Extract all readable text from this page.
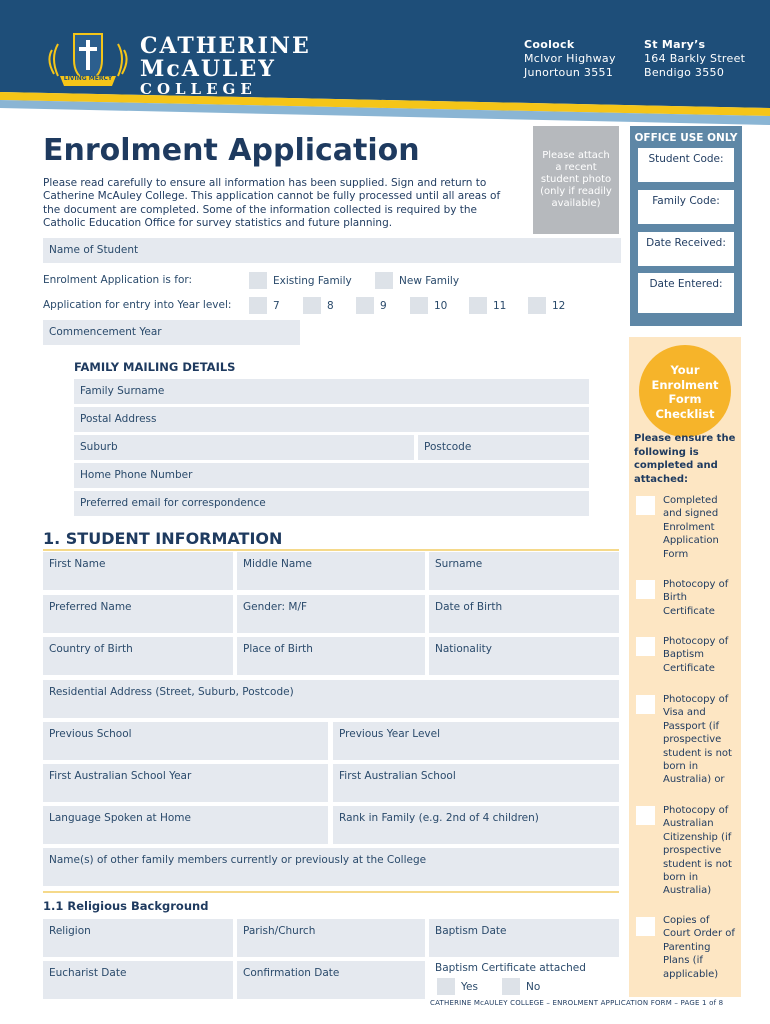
CATHERINE
McAULEY
COLLEGE
Coolock
McIvor Highway
Junortoun 3551
St Mary’s
164 Barkly Street
Bendigo 3550
LIVING MERCY
Enrolment Application
Please read carefully to ensure all information has been supplied. Sign and return to Catherine McAuley College. This application cannot be fully processed until all areas of the document are completed. Some of the information collected is required by the Catholic Education Office for survey statistics and future planning.
Please attach
a recent
student photo
(only if readily
available)
OFFICE USE ONLY
Student Code:
Family Code:
Date Received:
Date Entered:
Name of Student
Enrolment Application is for:	Existing Family	New Family
Application for entry into Year level:	7	8	9	10	11	12
Commencement Year
FAMILY MAILING DETAILS
Family Surname
Postal Address
Suburb	Postcode
Home Phone Number
Preferred email for correspondence
1. STUDENT INFORMATION
First Name	Middle Name	Surname
Preferred Name	Gender: M/F	Date of Birth
Country of Birth	Place of Birth	Nationality
Residential Address (Street, Suburb, Postcode)
Previous School	Previous Year Level
First Australian School Year	First Australian School
Language Spoken at Home	Rank in Family (e.g. 2nd of 4 children)
Name(s) of other family members currently or previously at the College
1.1 Religious Background
Religion	Parish/Church	Baptism Date
Eucharist Date	Confirmation Date	Baptism Certificate attached
Yes	No
Your
Enrolment
Form
Checklist
Please ensure the following is completed and attached:
Completed and signed Enrolment Application Form
Photocopy of Birth Certificate
Photocopy of Baptism Certificate
Photocopy of Visa and Passport (if prospective student is not born in Australia) or
Photocopy of Australian Citizenship (if prospective student is not born in Australia)
Copies of Court Order of Parenting Plans (if applicable)
CATHERINE McAULEY COLLEGE – ENROLMENT APPLICATION FORM – PAGE 1 of 8
